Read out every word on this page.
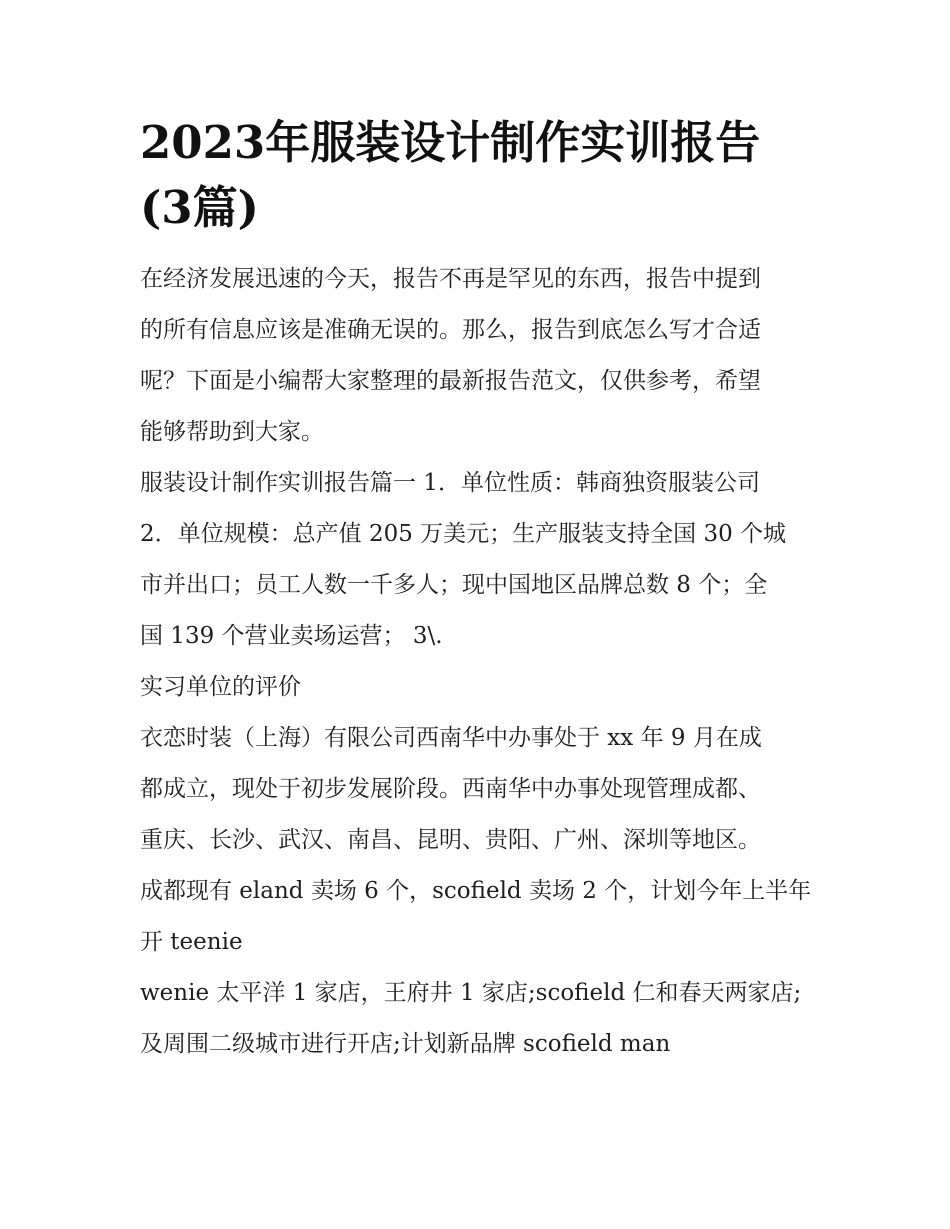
2023年服装设计制作实训报告
(3篇)

在经济发展迅速的今天，报告不再是罕见的东西，报告中提到
的所有信息应该是准确无误的。那么，报告到底怎么写才合适
呢？下面是小编帮大家整理的最新报告范文，仅供参考，希望
能够帮助到大家。

服装设计制作实训报告篇一 1．单位性质：韩商独资服装公司
2．单位规模：总产值 205 万美元；生产服装支持全国 30 个城
市并出口；员工人数一千多人；现中国地区品牌总数 8 个；全
国 139 个营业卖场运营； 3\.

实习单位的评价

衣恋时装（上海）有限公司西南华中办事处于 xx 年 9 月在成
都成立，现处于初步发展阶段。西南华中办事处现管理成都、
重庆、长沙、武汉、南昌、昆明、贵阳、广州、深圳等地区。
成都现有 eland 卖场 6 个，scofield 卖场 2 个，计划今年上半年
开 teenie

wenie 太平洋 1 家店，王府井 1 家店;scofield 仁和春天两家店;
及周围二级城市进行开店;计划新品牌 scofield man
